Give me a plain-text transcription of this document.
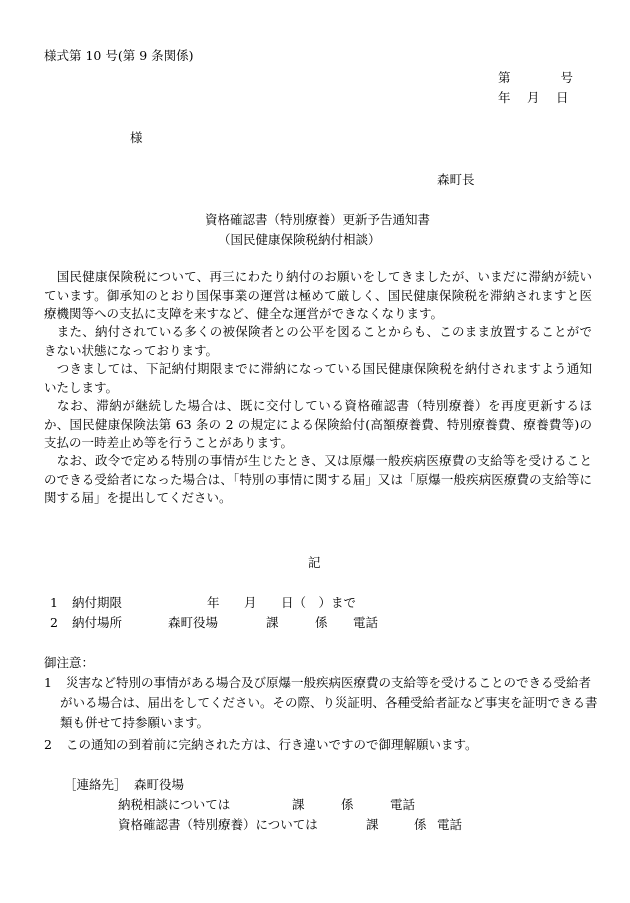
様式第 10 号(第 9 条関係)
第　　　　号
年　 月　 日
様
森町長
資格確認書（特別療養）更新予告通知書
（国民健康保険税納付相談）
　国民健康保険税について、再三にわたり納付のお願いをしてきましたが、いまだに滞納が続いています。御承知のとおり国保事業の運営は極めて厳しく、国民健康保険税を滞納されますと医療機関等への支払に支障を来すなど、健全な運営ができなくなります。
　また、納付されている多くの被保険者との公平を図ることからも、このまま放置することができない状態になっております。
　つきましては、下記納付期限までに滞納になっている国民健康保険税を納付されますよう通知いたします。
　なお、滞納が継続した場合は、既に交付している資格確認書（特別療養）を再度更新するほか、国民健康保険法第 63 条の 2 の規定による保険給付(高額療養費、特別療養費、療養費等)の支払の一時差止め等を行うことがあります。
　なお、政令で定める特別の事情が生じたとき、又は原爆一般疾病医療費の支給等を受けることのできる受給者になった場合は、「特別の事情に関する届」又は「原爆一般疾病医療費の支給等に関する届」を提出してください。
記
1 納付期限	年 月 日（　）まで
2 納付場所	森町役場	課	係 電話
御注意：
1 災害など特別の事情がある場合及び原爆一般疾病医療費の支給等を受けることのできる受給者
がいる場合は、届出をしてください。その際、り災証明、各種受給者証など事実を証明できる書
類も併せて持参願います。
2 この通知の到着前に完納された方は、行き違いですので御理解願います。
［連絡先］ 森町役場
納税相談については	課	係	電話
資格確認書（特別療養）については	課	係 電話
